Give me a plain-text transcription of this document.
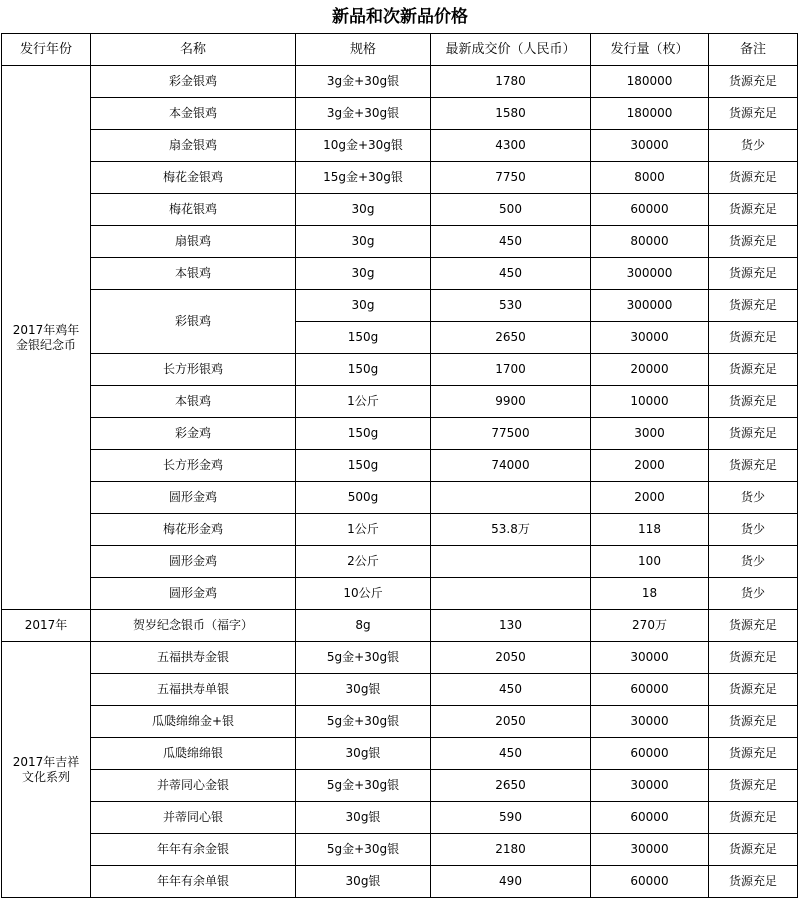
新品和次新品价格
发行年份	名称	规格	最新成交价（人民币）	发行量（枚）	备注
2017年鸡年
金银纪念币	彩金银鸡	3g金+30g银	1780	180000	货源充足
	本金银鸡	3g金+30g银	1580	180000	货源充足
	扇金银鸡	10g金+30g银	4300	30000	货少
	梅花金银鸡	15g金+30g银	7750	8000	货源充足
	梅花银鸡	30g	500	60000	货源充足
	扇银鸡	30g	450	80000	货源充足
	本银鸡	30g	450	300000	货源充足
	彩银鸡	30g	530	300000	货源充足
		150g	2650	30000	货源充足
	长方形银鸡	150g	1700	20000	货源充足
	本银鸡	1公斤	9900	10000	货源充足
	彩金鸡	150g	77500	3000	货源充足
	长方形金鸡	150g	74000	2000	货源充足
	圆形金鸡	500g		2000	货少
	梅花形金鸡	1公斤	53.8万	118	货少
	圆形金鸡	2公斤		100	货少
	圆形金鸡	10公斤		18	货少
2017年	贺岁纪念银币（福字）	8g	130	270万	货源充足
2017年吉祥
文化系列	五福拱寿金银	5g金+30g银	2050	30000	货源充足
	五福拱寿单银	30g银	450	60000	货源充足
	瓜瓞绵绵金+银	5g金+30g银	2050	30000	货源充足
	瓜瓞绵绵银	30g银	450	60000	货源充足
	并蒂同心金银	5g金+30g银	2650	30000	货源充足
	并蒂同心银	30g银	590	60000	货源充足
	年年有余金银	5g金+30g银	2180	30000	货源充足
	年年有余单银	30g银	490	60000	货源充足
